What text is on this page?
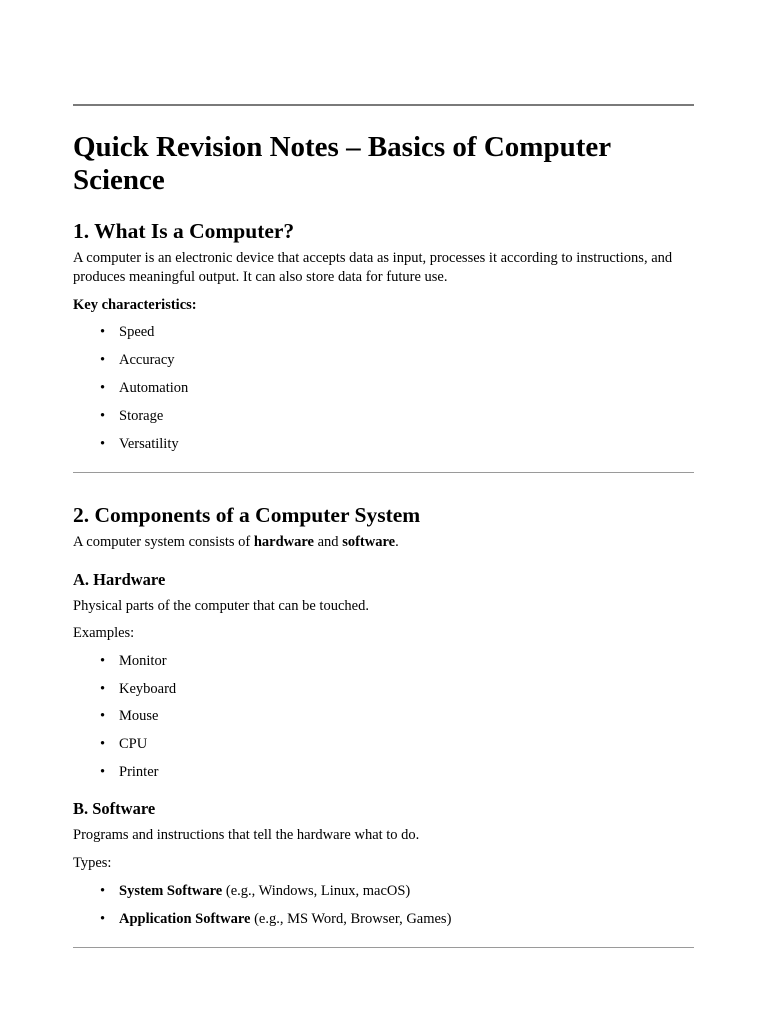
Quick Revision Notes – Basics of Computer Science
1. What Is a Computer?

A computer is an electronic device that accepts data as input, processes it according to instructions, and produces meaningful output. It can also store data for future use.

Key characteristics:

• Speed
• Accuracy
• Automation
• Storage
• Versatility
2. Components of a Computer System

A computer system consists of hardware and software.

A. Hardware

Physical parts of the computer that can be touched.

Examples:

• Monitor
• Keyboard
• Mouse
• CPU
• Printer
B. Software

Programs and instructions that tell the hardware what to do.

Types:

• System Software (e.g., Windows, Linux, macOS)
• Application Software (e.g., MS Word, Browser, Games)
